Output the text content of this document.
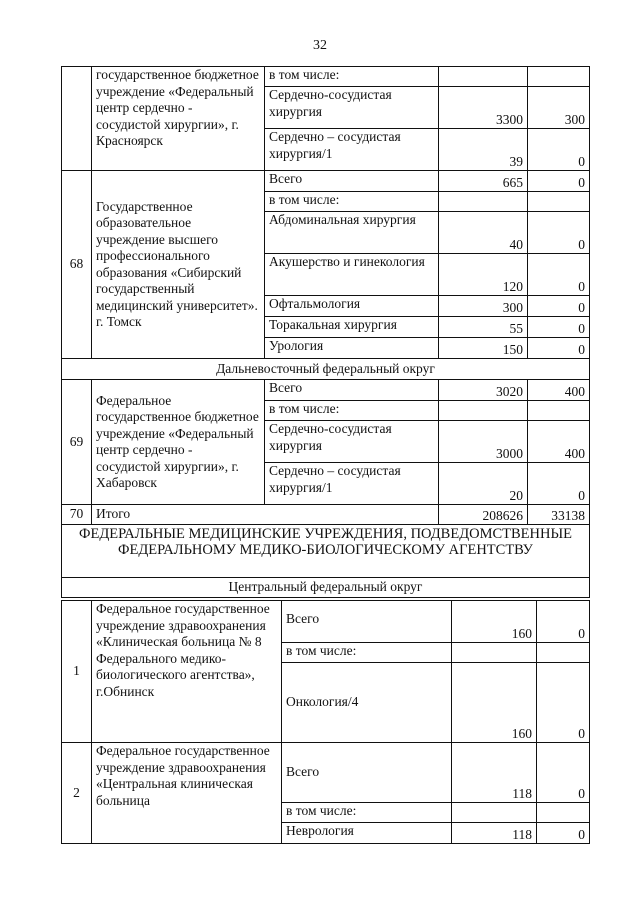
32
	государственное бюджетное учреждение «Федеральный центр сердечно - сосудистой хирургии», г. Красноярск	в том числе:		
		Сердечно-сосудистая хирургия	3300	300
		Сердечно – сосудистая хирургия/1	39	0
68	Государственное образовательное учреждение высшего профессионального образования «Сибирский государственный медицинский университет». г. Томск	Всего	665	0
		в том числе:		
		Абдоминальная хирургия	40	0
		Акушерство и гинекология	120	0
		Офтальмология	300	0
		Торакальная хирургия	55	0
		Урология	150	0
Дальневосточный федеральный округ				
69	Федеральное государственное бюджетное учреждение «Федеральный центр сердечно - сосудистой хирургии», г. Хабаровск	Всего	3020	400
		в том числе:		
		Сердечно-сосудистая хирургия	3000	400
		Сердечно – сосудистая хирургия/1	20	0
70	Итого		208626	33138
ФЕДЕРАЛЬНЫЕ МЕДИЦИНСКИЕ УЧРЕЖДЕНИЯ, ПОДВЕДОМСТВЕННЫЕ ФЕДЕРАЛЬНОМУ МЕДИКО-БИОЛОГИЧЕСКОМУ АГЕНТСТВУ				
Центральный федеральный округ				
1	Федеральное государственное учреждение здравоохранения «Клиническая больница № 8 Федерального медико-биологического агентства», г.Обнинск	Всего	160	0
		в том числе:		
		Онкология/4	160	0
2	Федеральное государственное учреждение здравоохранения «Центральная клиническая больница	Всего	118	0
		в том числе:		
		Неврология	118	0
